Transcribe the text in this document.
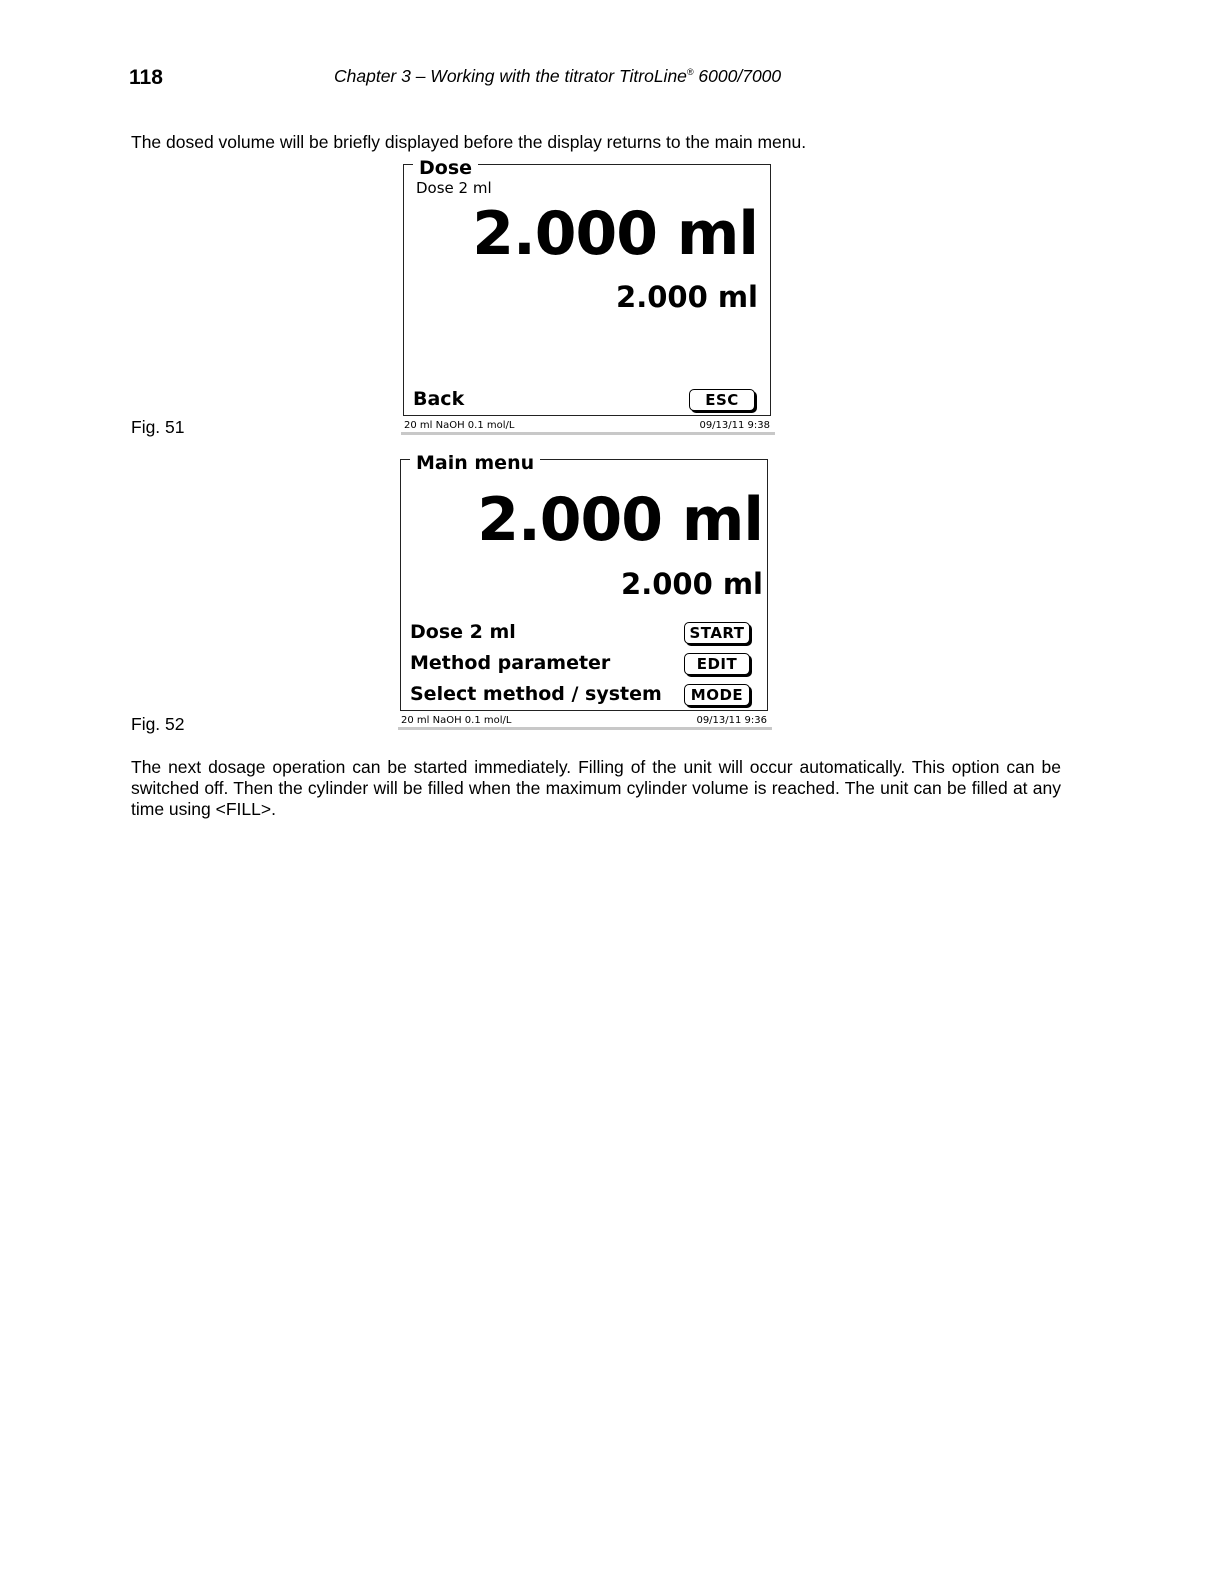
118	Chapter 3 – Working with the titrator TitroLine® 6000/7000
The dosed volume will be briefly displayed before the display returns to the main menu.
Dose
Dose 2 ml
2.000 ml
2.000 ml
Back	ESC
20 ml NaOH 0.1 mol/L	09/13/11 9:38
Fig. 51
Main menu
2.000 ml
2.000 ml
Dose 2 ml	START
Method parameter	EDIT
Select method / system	MODE
20 ml NaOH 0.1 mol/L	09/13/11 9:36
Fig. 52
The next dosage operation can be started immediately. Filling of the unit will occur automatically. This option can be switched off. Then the cylinder will be filled when the maximum cylinder volume is reached. The unit can be filled at any time using <FILL>.
